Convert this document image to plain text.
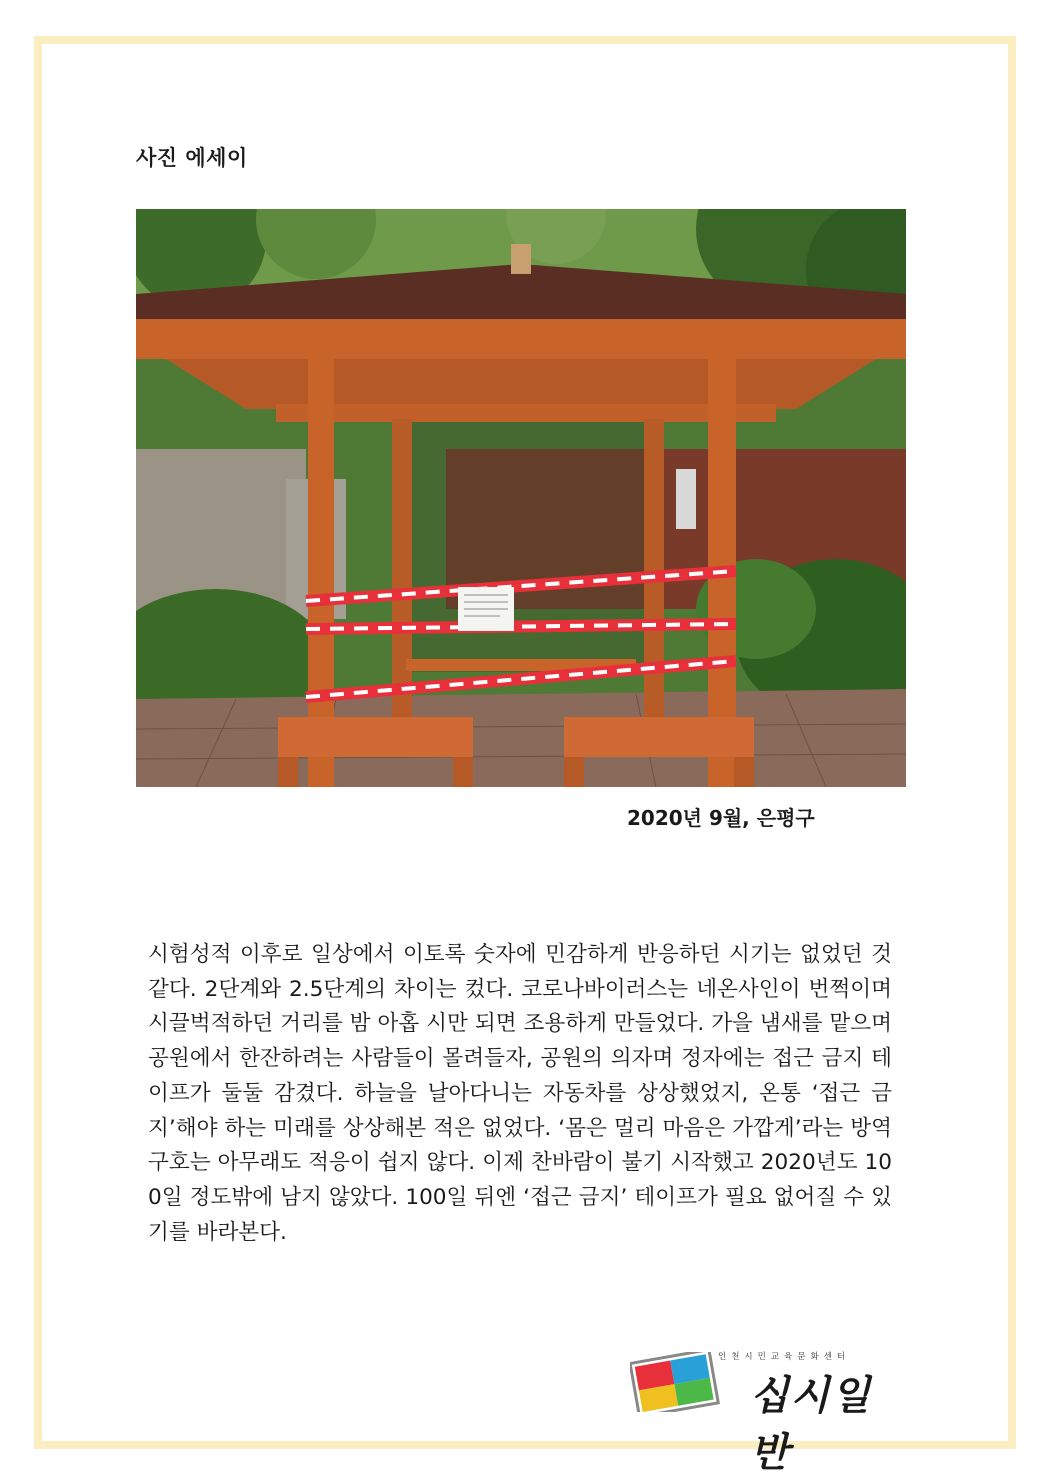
사진 에세이
2020년 9월, 은평구
시험성적 이후로 일상에서 이토록 숫자에 민감하게 반응하던 시기는 없었던 것 같다. 2단계와 2.5단계의 차이는 컸다. 코로나바이러스는 네온사인이 번쩍이며 시끌벅적하던 거리를 밤 아홉 시만 되면 조용하게 만들었다. 가을 냄새를 맡으며 공원에서 한잔하려는 사람들이 몰려들자, 공원의 의자며 정자에는 접근 금지 테이프가 둘둘 감겼다. 하늘을 날아다니는 자동차를 상상했었지, 온통 ‘접근 금지’해야 하는 미래를 상상해본 적은 없었다. ‘몸은 멀리 마음은 가깝게’라는 방역 구호는 아무래도 적응이 쉽지 않다. 이제 찬바람이 불기 시작했고 2020년도 100일 정도밖에 남지 않았다. 100일 뒤엔 ‘접근 금지’ 테이프가 필요 없어질 수 있기를 바라본다.
인천시민교육문화센터
십시일반
